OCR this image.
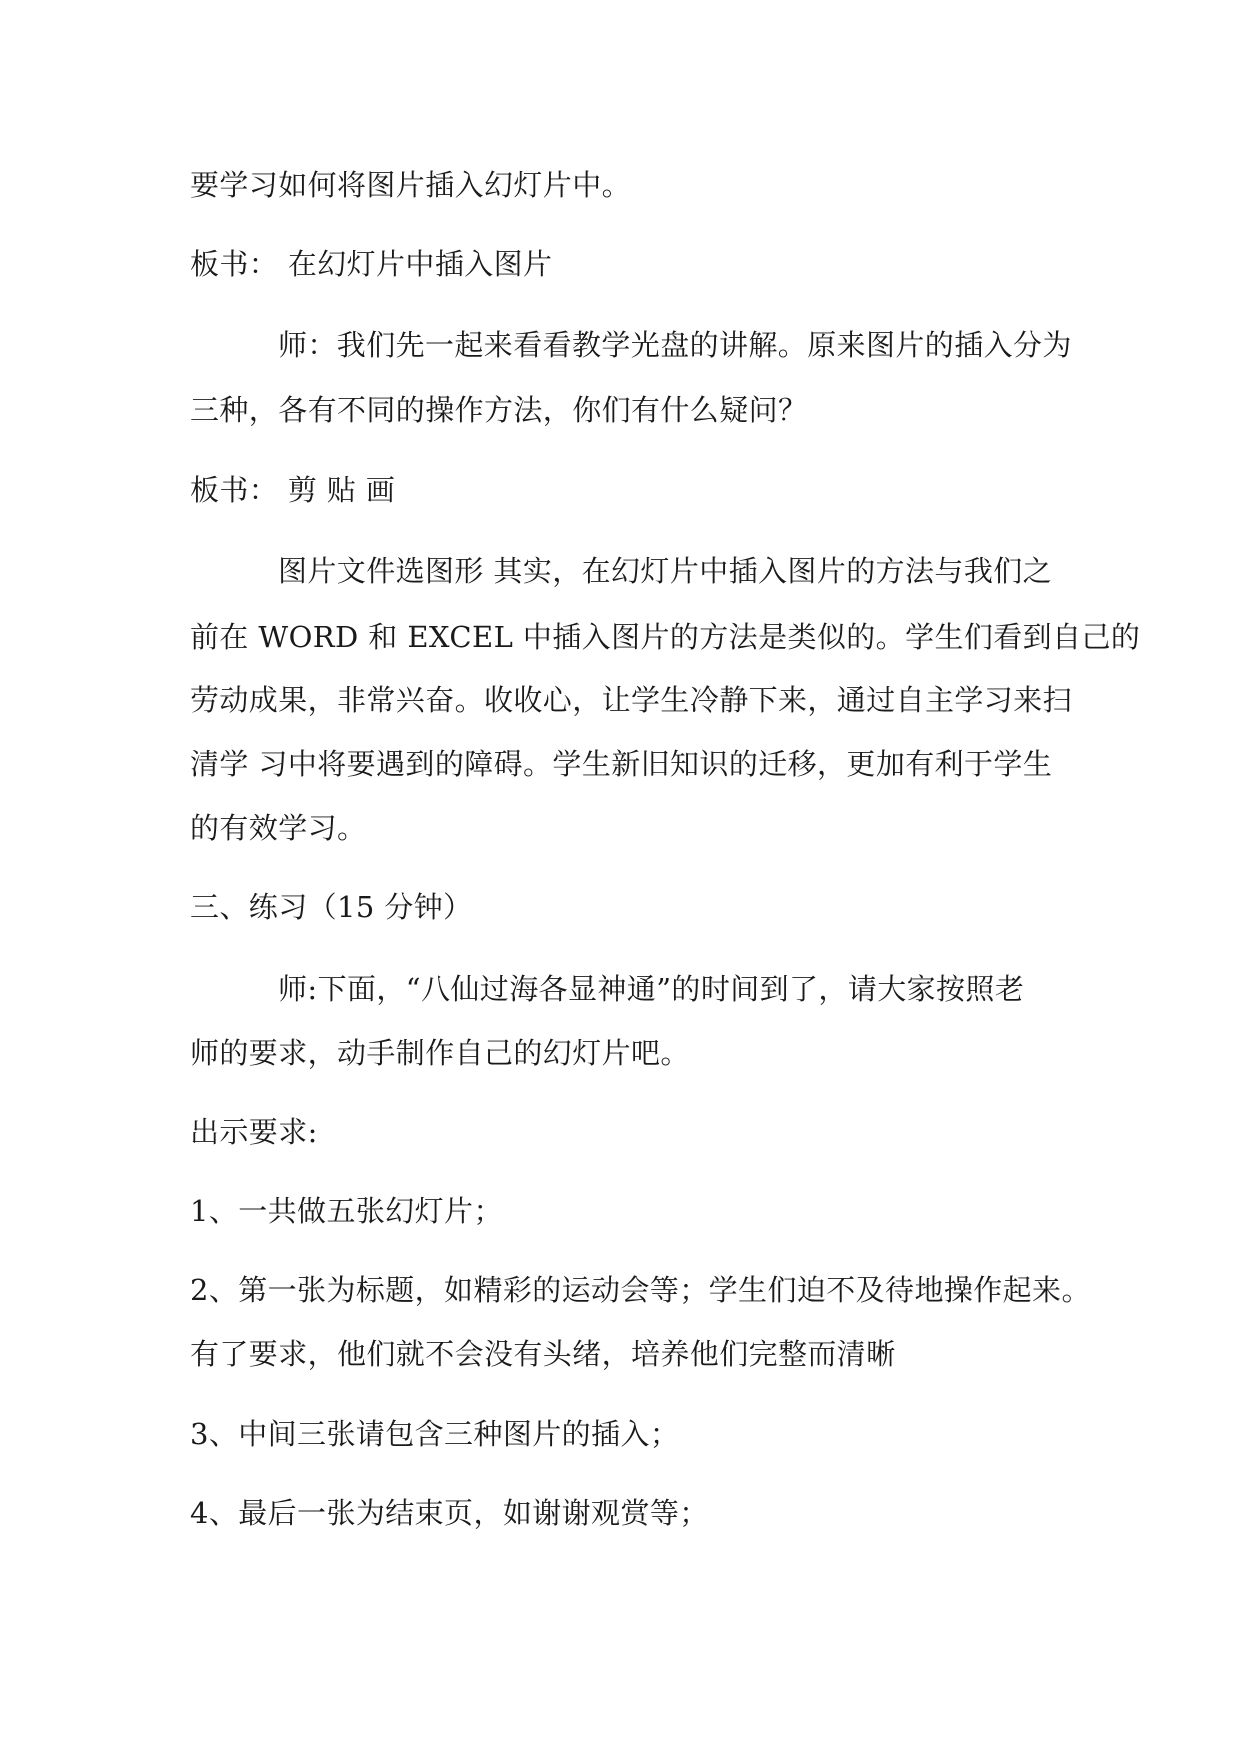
要学习如何将图片插入幻灯片中。
板书： 在幻灯片中插入图片
师：我们先一起来看看教学光盘的讲解。原来图片的插入分为
三种，各有不同的操作方法，你们有什么疑问？
板书： 剪 贴 画
图片文件选图形 其实，在幻灯片中插入图片的方法与我们之
前在 WORD 和 EXCEL 中插入图片的方法是类似的。学生们看到自己的
劳动成果，非常兴奋。收收心，让学生冷静下来，通过自主学习来扫
清学 习中将要遇到的障碍。学生新旧知识的迁移，更加有利于学生
的有效学习。
三、练习（15 分钟）
师:下面，“八仙过海各显神通”的时间到了，请大家按照老
师的要求，动手制作自己的幻灯片吧。
出示要求:
1、一共做五张幻灯片；
2、第一张为标题，如精彩的运动会等；学生们迫不及待地操作起来。
有了要求，他们就不会没有头绪，培养他们完整而清晰
3、中间三张请包含三种图片的插入；
4、最后一张为结束页，如谢谢观赏等；
